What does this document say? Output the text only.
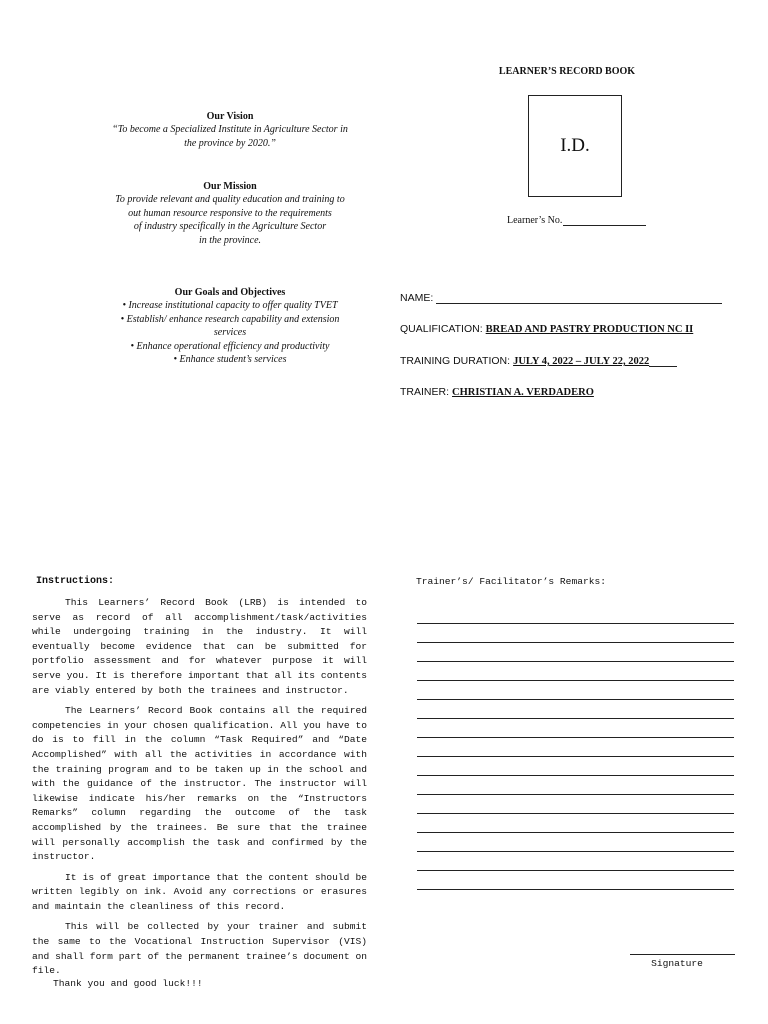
Our Vision
“To become a Specialized Institute in Agriculture Sector in
the province by 2020.”
Our Mission
To provide relevant and quality education and training to
out human resource responsive to the requirements
of industry specifically in the Agriculture Sector
in the province.
Our Goals and Objectives
• Increase institutional capacity to offer quality TVET
• Establish/ enhance research capability and extension
services
• Enhance operational efficiency and productivity
• Enhance student’s services
LEARNER’S RECORD BOOK
I.D.
Learner’s No.
NAME:
QUALIFICATION: BREAD AND PASTRY PRODUCTION NC II
TRAINING DURATION: JULY 4, 2022 – JULY 22, 2022
TRAINER: CHRISTIAN A. VERDADERO
Instructions:

This Learners’ Record Book (LRB) is intended to serve as record of all accomplishment/task/activities while undergoing training in the industry. It will eventually become evidence that can be submitted for portfolio assessment and for whatever purpose it will serve you. It is therefore important that all its contents are viably entered by both the trainees and instructor.

The Learners’ Record Book contains all the required competencies in your chosen qualification. All you have to do is to fill in the column “Task Required” and “Date Accomplished” with all the activities in accordance with the training program and to be taken up in the school and with the guidance of the instructor. The instructor will likewise indicate his/her remarks on the “Instructors Remarks” column regarding the outcome of the task accomplished by the trainees. Be sure that the trainee will personally accomplish the task and confirmed by the instructor.

It is of great importance that the content should be written legibly on ink. Avoid any corrections or erasures and maintain the cleanliness of this record.

This will be collected by your trainer and submit the same to the Vocational Instruction Supervisor (VIS) and shall form part of the permanent trainee’s document on file.

Thank you and good luck!!!
Trainer’s/ Facilitator’s Remarks:
Signature
